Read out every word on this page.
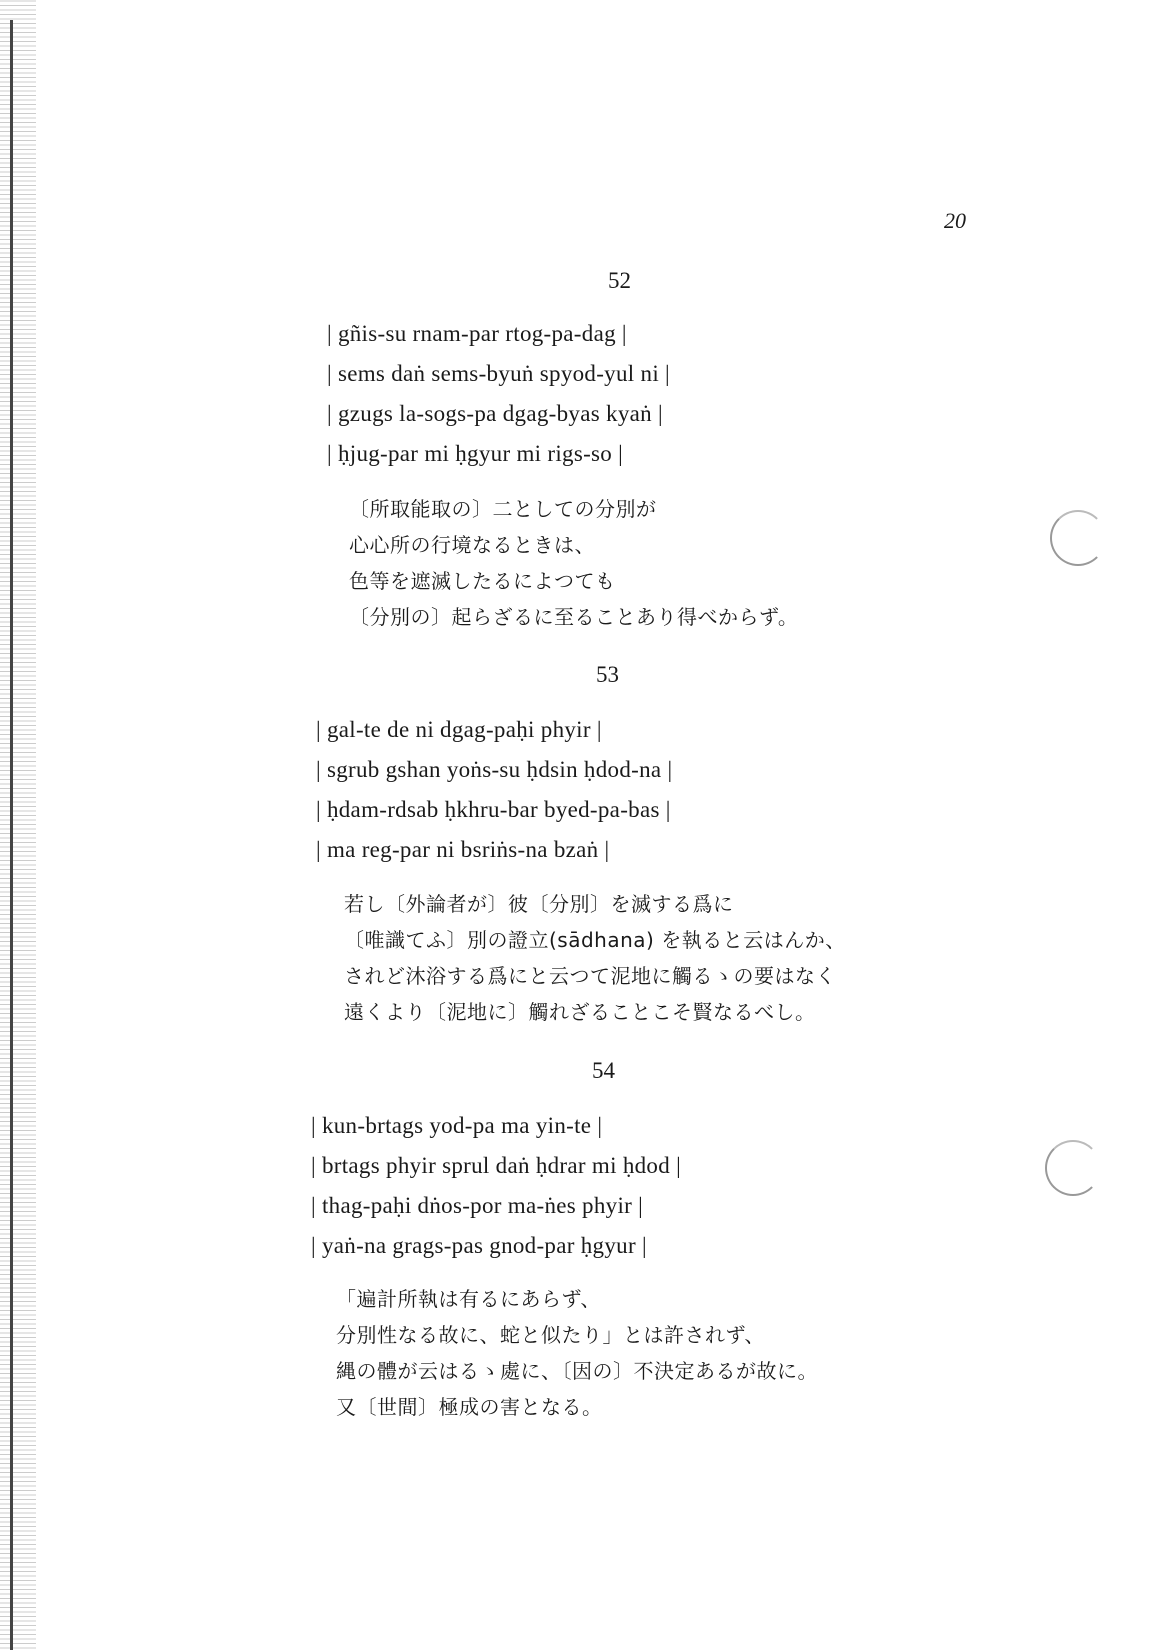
20
52
| gñis-su rnam-par rtog-pa-dag |
| sems daṅ sems-byuṅ spyod-yul ni |
| gzugs la-sogs-pa dgag-byas kyaṅ |
| ḥjug-par mi ḥgyur mi rigs-so |
〔所取能取の〕二としての分別が
心心所の行境なるときは、
色等を遮滅したるによつても
〔分別の〕起らざるに至ることあり得べからず。
53
| gal-te de ni dgag-paḥi phyir |
| sgrub gshan yoṅs-su ḥdsin ḥdod-na |
| ḥdam-rdsab ḥkhru-bar byed-pa-bas |
| ma reg-par ni bsriṅs-na bzaṅ |
若し〔外論者が〕彼〔分別〕を滅する爲に
〔唯識てふ〕別の證立(sādhana) を執ると云はんか、
されど沐浴する爲にと云つて泥地に觸るゝの要はなく
遠くより〔泥地に〕觸れざることこそ賢なるべし。
54
| kun-brtags yod-pa ma yin-te |
| brtags phyir sprul daṅ ḥdrar mi ḥdod |
| thag-paḥi dṅos-por ma-ṅes phyir |
| yaṅ-na grags-pas gnod-par ḥgyur |
「遍計所執は有るにあらず、
分別性なる故に、蛇と似たり」とは許されず、
縄の體が云はるゝ處に、〔因の〕不決定あるが故に。
又〔世間〕極成の害となる。
